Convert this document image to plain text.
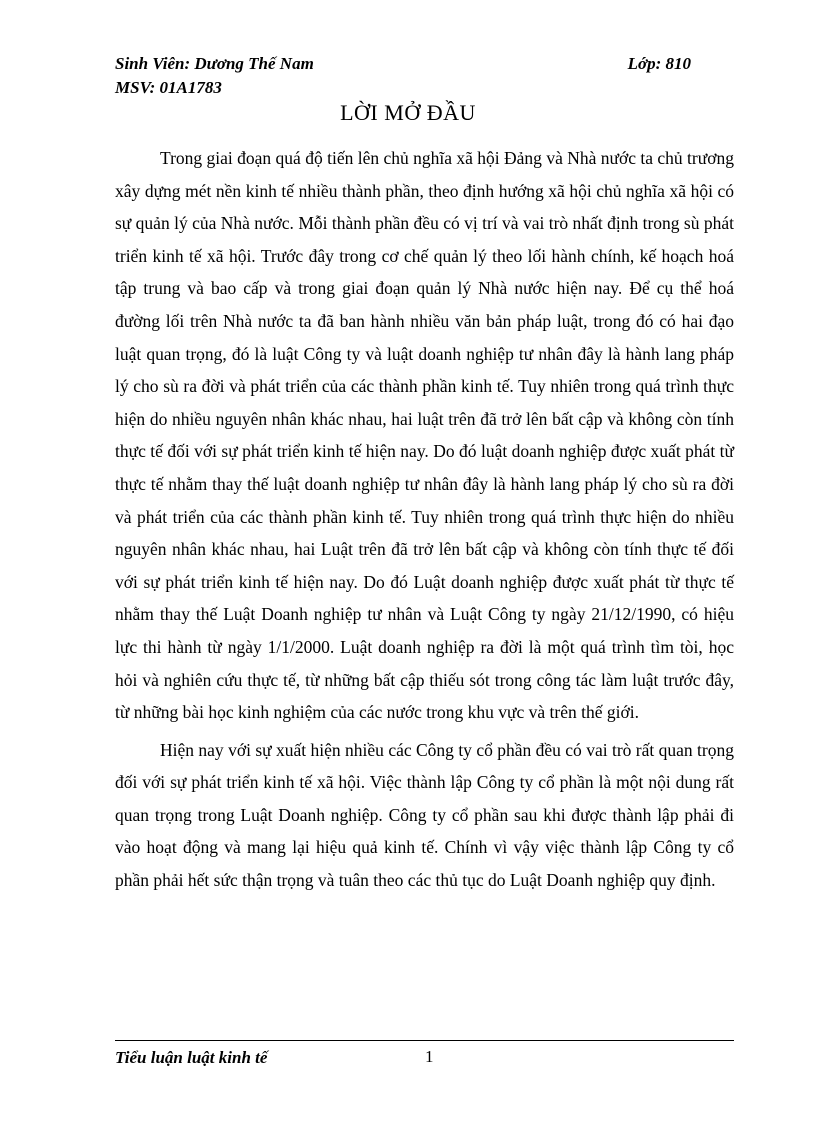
Sinh Viên: Dương Thế Nam	Lớp: 810
MSV: 01A1783
LỜI MỞ ĐẦU

Trong giai đoạn quá độ tiến lên chủ nghĩa xã hội Đảng và Nhà nước ta chủ trương xây dựng mét nền kinh tế nhiều thành phần, theo định hướng xã hội chủ nghĩa xã hội có sự quản lý của Nhà nước. Mỗi thành phần đều có vị trí và vai trò nhất định trong sù phát triển kinh tế xã hội. Trước đây trong cơ chế quản lý theo lối hành chính, kế hoạch hoá tập trung và bao cấp và trong giai đoạn quản lý Nhà nước hiện nay. Để cụ thể hoá đường lối trên Nhà nước ta đã ban hành nhiều văn bản pháp luật, trong đó có hai đạo luật quan trọng, đó là luật Công ty và luật doanh nghiệp tư nhân đây là hành lang pháp lý cho sù ra đời và phát triển của các thành phần kinh tế. Tuy nhiên trong quá trình thực hiện do nhiều nguyên nhân khác nhau, hai luật trên đã trở lên bất cập và không còn tính thực tế đối với sự phát triển kinh tế hiện nay. Do đó luật doanh nghiệp được xuất phát từ thực tế nhằm thay thế luật doanh nghiệp tư nhân đây là hành lang pháp lý cho sù ra đời và phát triển của các thành phần kinh tế. Tuy nhiên trong quá trình thực hiện do nhiều nguyên nhân khác nhau, hai Luật trên đã trở lên bất cập và không còn tính thực tế đối với sự phát triển kinh tế hiện nay. Do đó Luật doanh nghiệp được xuất phát từ thực tế nhằm thay thế Luật Doanh nghiệp tư nhân và Luật Công ty ngày 21/12/1990, có hiệu lực thi hành từ ngày 1/1/2000. Luật doanh nghiệp ra đời là một quá trình tìm tòi, học hỏi và nghiên cứu thực tế, từ những bất cập thiếu sót trong công tác làm luật trước đây, từ những bài học kinh nghiệm của các nước trong khu vực và trên thế giới.

Hiện nay với sự xuất hiện nhiều các Công ty cổ phần đều có vai trò rất quan trọng đối với sự phát triển kinh tế xã hội. Việc thành lập Công ty cổ phần là một nội dung rất quan trọng trong Luật Doanh nghiệp. Công ty cổ phần sau khi được thành lập phải đi vào hoạt động và mang lại hiệu quả kinh tế. Chính vì vậy việc thành lập Công ty cổ phần phải hết sức thận trọng và tuân theo các thủ tục do Luật Doanh nghiệp quy định.

Tiểu luận luật kinh tế	1
